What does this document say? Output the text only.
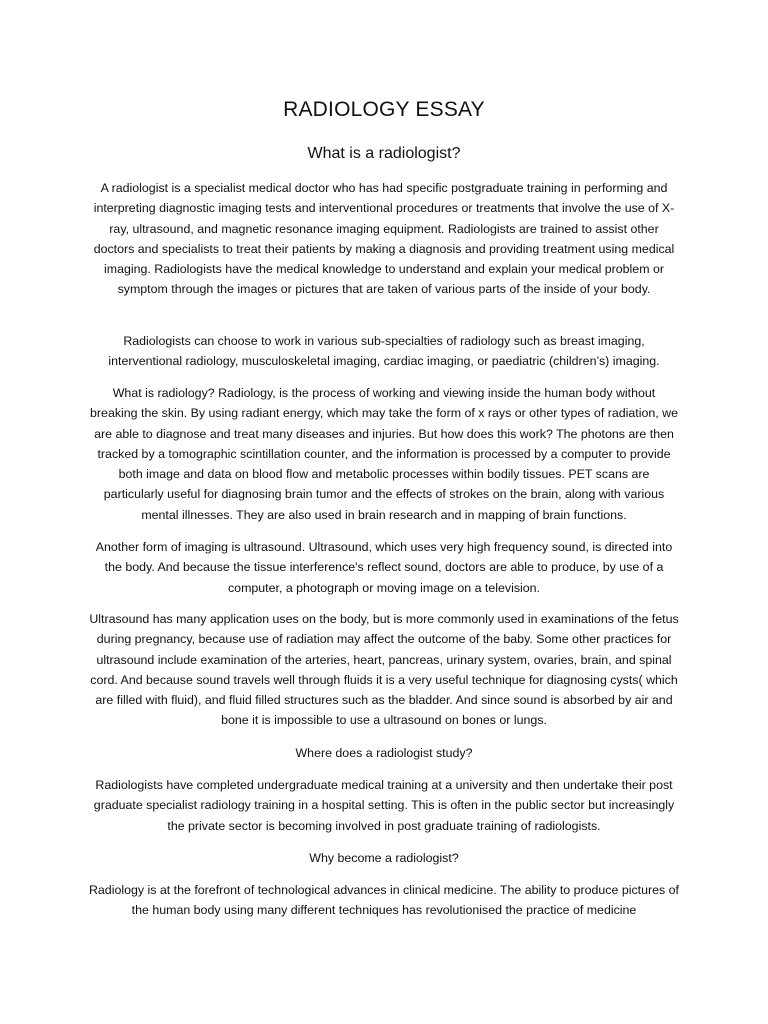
RADIOLOGY ESSAY
What is a radiologist?

A radiologist is a specialist medical doctor who has had specific postgraduate training in performing and interpreting diagnostic imaging tests and interventional procedures or treatments that involve the use of X-ray, ultrasound, and magnetic resonance imaging equipment. Radiologists are trained to assist other doctors and specialists to treat their patients by making a diagnosis and providing treatment using medical imaging. Radiologists have the medical knowledge to understand and explain your medical problem or symptom through the images or pictures that are taken of various parts of the inside of your body.

Radiologists can choose to work in various sub-specialties of radiology such as breast imaging, interventional radiology, musculoskeletal imaging, cardiac imaging, or paediatric (children’s) imaging.

What is radiology? Radiology, is the process of working and viewing inside the human body without breaking the skin. By using radiant energy, which may take the form of x rays or other types of radiation, we are able to diagnose and treat many diseases and injuries. But how does this work? The photons are then tracked by a tomographic scintillation counter, and the information is processed by a computer to provide both image and data on blood flow and metabolic processes within bodily tissues. PET scans are particularly useful for diagnosing brain tumor and the effects of strokes on the brain, along with various mental illnesses. They are also used in brain research and in mapping of brain functions.

Another form of imaging is ultrasound. Ultrasound, which uses very high frequency sound, is directed into the body. And because the tissue interference's reflect sound, doctors are able to produce, by use of a computer, a photograph or moving image on a television.

Ultrasound has many application uses on the body, but is more commonly used in examinations of the fetus during pregnancy, because use of radiation may affect the outcome of the baby. Some other practices for ultrasound include examination of the arteries, heart, pancreas, urinary system, ovaries, brain, and spinal cord. And because sound travels well through fluids it is a very useful technique for diagnosing cysts( which are filled with fluid), and fluid filled structures such as the bladder. And since sound is absorbed by air and bone it is impossible to use a ultrasound on bones or lungs.

Where does a radiologist study?

Radiologists have completed undergraduate medical training at a university and then undertake their post graduate specialist radiology training in a hospital setting. This is often in the public sector but increasingly the private sector is becoming involved in post graduate training of radiologists.

Why become a radiologist?

Radiology is at the forefront of technological advances in clinical medicine. The ability to produce pictures of the human body using many different techniques has revolutionised the practice of medicine
